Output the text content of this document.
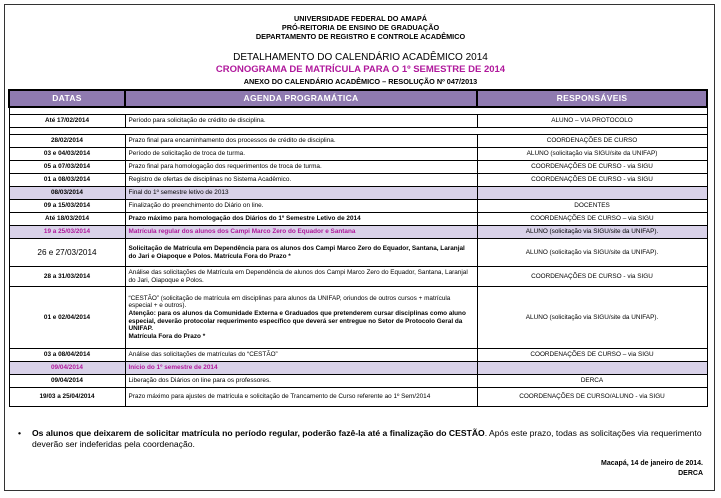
UNIVERSIDADE FEDERAL DO AMAPÁ
PRÓ-REITORIA DE ENSINO DE GRADUAÇÃO
DEPARTAMENTO DE REGISTRO E CONTROLE ACADÊMICO
DETALHAMENTO DO CALENDÁRIO ACADÊMICO 2014
CRONOGRAMA DE MATRÍCULA PARA O 1º SEMESTRE DE 2014
ANEXO DO CALENDÁRIO ACADÊMICO – RESOLUÇÃO Nº 047/2013
DATAS	AGENDA PROGRAMÁTICA	RESPONSÁVEIS

Até 17/02/2014	Período para solicitação de crédito de disciplina.	ALUNO – VIA PROTOCOLO

28/02/2014	Prazo final para encaminhamento dos processos de crédito de disciplina.	COORDENAÇÕES DE CURSO
03 e 04/03/2014	Período de solicitação de troca de turma.	ALUNO (solicitação via SIGU/site da UNIFAP)
05 a 07/03/2014	Prazo final para homologação dos requerimentos de troca de turma.	COORDENAÇÕES DE CURSO - via SIGU
01 a 08/03/2014	Registro de ofertas de disciplinas no Sistema Acadêmico.	COORDENAÇÕES DE CURSO - via SIGU
08/03/2014	Final do 1º semestre letivo de 2013	
09 a 15/03/2014	Finalização do preenchimento do Diário on line.	DOCENTES
Até 18/03/2014	Prazo máximo para homologação dos Diários do 1º Semestre Letivo de 2014	COORDENAÇÕES DE CURSO – via SIGU
19 a 25/03/2014	Matrícula regular dos alunos dos Campi Marco Zero do Equador e Santana	ALUNO (solicitação via SIGU/site da UNIFAP).
26 e 27/03/2014	Solicitação de Matrícula em Dependência para os alunos dos Campi Marco Zero do Equador, Santana, Laranjal do Jari e Oiapoque e Polos. Matrícula Fora do Prazo *	ALUNO (solicitação via SIGU/site da UNIFAP).
28 a 31/03/2014	Análise das solicitações de Matrícula em Dependência de alunos dos Campi Marco Zero do Equador, Santana, Laranjal do Jari, Oiapoque e Polos.	COORDENAÇÕES DE CURSO - via SIGU
01 e 02/04/2014	“CESTÃO” (solicitação de matrícula em disciplinas para alunos da UNIFAP, oriundos de outros cursos + matrícula especial + e outros).
Atenção: para os alunos da Comunidade Externa e Graduados que pretenderem cursar disciplinas como aluno especial, deverão protocolar requerimento específico que deverá ser entregue no Setor de Protocolo Geral da UNIFAP.
Matrícula Fora do Prazo *	ALUNO (solicitação via SIGU/site da UNIFAP).
03 a 08/04/2014	Análise das solicitações de matrículas do “CESTÃO”	COORDENAÇÕES DE CURSO – via SIGU
09/04/2014	Início do 1º semestre de 2014	
09/04/2014	Liberação dos Diários on line para os professores.	DERCA
19/03 a 25/04/2014	Prazo máximo para ajustes de matrícula e solicitação de Trancamento de Curso referente ao 1º Sem/2014	COORDENAÇÕES DE CURSO/ALUNO - via SIGU
• Os alunos que deixarem de solicitar matrícula no período regular, poderão fazê-la até a finalização do CESTÃO. Após este prazo, todas as solicitações via requerimento deverão ser indeferidas pela coordenação.
Macapá, 14 de janeiro de 2014.
DERCA
